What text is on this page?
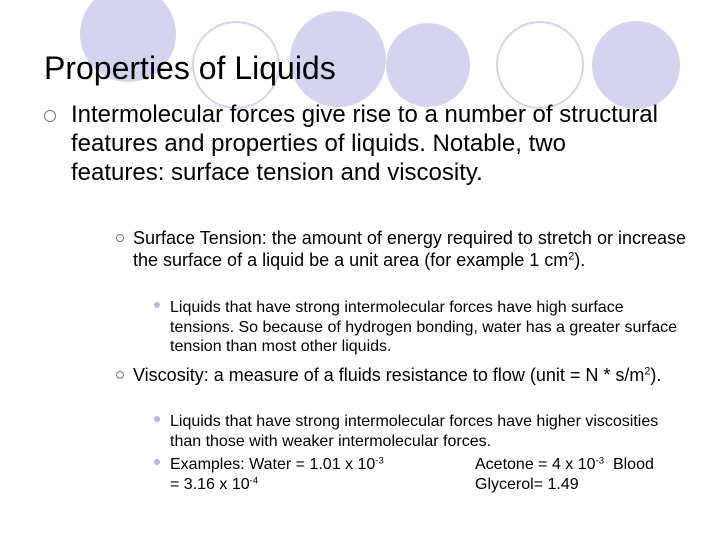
Properties of Liquids
Intermolecular forces give rise to a number of structural features and properties of liquids. Notable, two features: surface tension and viscosity.
Surface Tension: the amount of energy required to stretch or increase the surface of a liquid be a unit area (for example 1 $cm^2$).
Liquids that have strong intermolecular forces have high surface tensions. So because of hydrogen bonding, water has a greater surface tension than most other liquids.
Viscosity: a measure of a fluids resistance to flow (unit = N * $s/m^2$).
Liquids that have strong intermolecular forces have higher viscosities than those with weaker intermolecular forces.
Examples: Water = 1.01 x $10^{-3}$	Acetone = 4 x $10^{-3}$ Blood
= 3.16 x $10^{-4}$	Glycerol= 1.49
